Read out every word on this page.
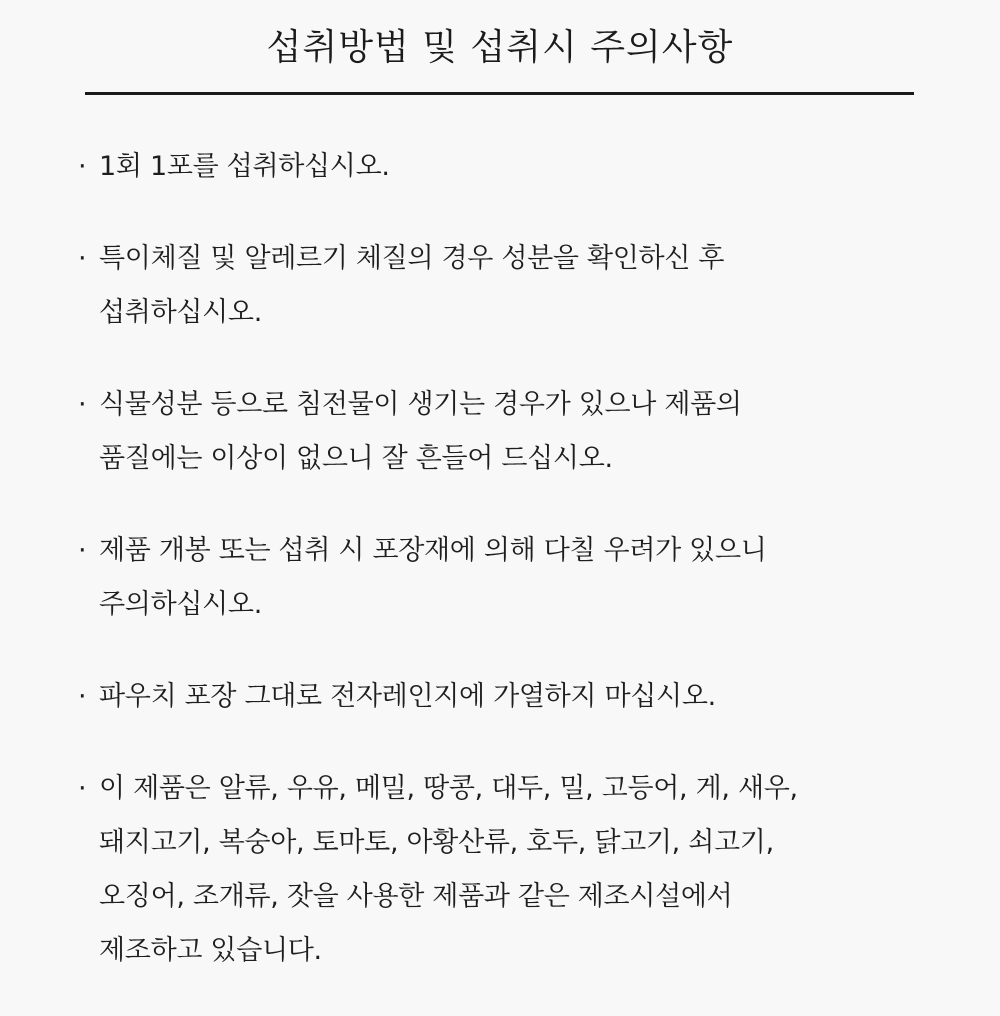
섭취방법 및 섭취시 주의사항
· 1회 1포를 섭취하십시오.
· 특이체질 및 알레르기 체질의 경우 성분을 확인하신 후
섭취하십시오.
· 식물성분 등으로 침전물이 생기는 경우가 있으나 제품의
품질에는 이상이 없으니 잘 흔들어 드십시오.
· 제품 개봉 또는 섭취 시 포장재에 의해 다칠 우려가 있으니
주의하십시오.
· 파우치 포장 그대로 전자레인지에 가열하지 마십시오.
· 이 제품은 알류, 우유, 메밀, 땅콩, 대두, 밀, 고등어, 게, 새우,
돼지고기, 복숭아, 토마토, 아황산류, 호두, 닭고기, 쇠고기,
오징어, 조개류, 잣을 사용한 제품과 같은 제조시설에서
제조하고 있습니다.
